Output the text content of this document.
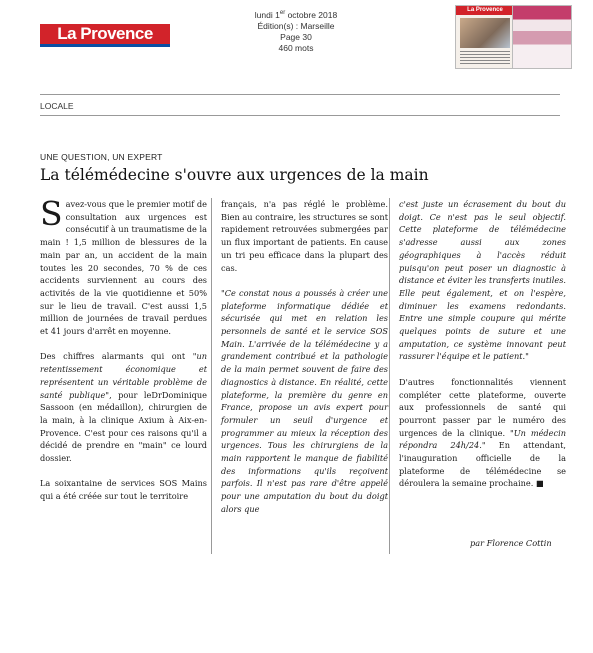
La Provence
lundi 1er octobre 2018
Édition(s) : Marseille
Page 30
460 mots
La Provence
LOCALE
UNE QUESTION, UN EXPERT
La télémédecine s'ouvre aux urgences de la main

Savez-vous que le premier motif de consultation aux urgences est consécutif à un traumatisme de la main ! 1,5 million de blessures de la main par an, un accident de la main toutes les 20 secondes, 70 % de ces accidents surviennent au cours des activités de la vie quotidienne et 50% sur le lieu de travail. C'est aussi 1,5 million de journées de travail perdues et 41 jours d'arrêt en moyenne.

Des chiffres alarmants qui ont "un retentissement économique et représentent un véritable problème de santé publique", pour leDrDominique Sassoon (en médaillon), chirurgien de la main, à la clinique Axium à Aix-en-Provence. C'est pour ces raisons qu'il a décidé de prendre en "main" ce lourd dossier.

La soixantaine de services SOS Mains qui a été créée sur tout le territoire

français, n'a pas réglé le problème. Bien au contraire, les structures se sont rapidement retrouvées submergées par un flux important de patients. En cause un tri peu efficace dans la plupart des cas.

"Ce constat nous a poussés à créer une plateforme informatique dédiée et sécurisée qui met en relation les personnels de santé et le service SOS Main. L'arrivée de la télémédecine y a grandement contribué et la pathologie de la main permet souvent de faire des diagnostics à distance. En réalité, cette plateforme, la première du genre en France, propose un avis expert pour formuler un seuil d'urgence et programmer au mieux la réception des urgences. Tous les chirurgiens de la main rapportent le manque de fiabilité des informations qu'ils reçoivent parfois. Il n'est pas rare d'être appelé pour une amputation du bout du doigt alors que

c'est juste un écrasement du bout du doigt. Ce n'est pas le seul objectif. Cette plateforme de télémédecine s'adresse aussi aux zones géographiques à l'accès réduit puisqu'on peut poser un diagnostic à distance et éviter les transferts inutiles. Elle peut également, et on l'espère, diminuer les examens redondants. Entre une simple coupure qui mérite quelques points de suture et une amputation, ce système innovant peut rassurer l'équipe et le patient."

D'autres fonctionnalités viennent compléter cette plateforme, ouverte aux professionnels de santé qui pourront passer par le numéro des urgences de la clinique. "Un médecin répondra 24h/24." En attendant, l'inauguration officielle de la plateforme de télémédecine se déroulera la semaine prochaine. ■

par Florence Cottin
